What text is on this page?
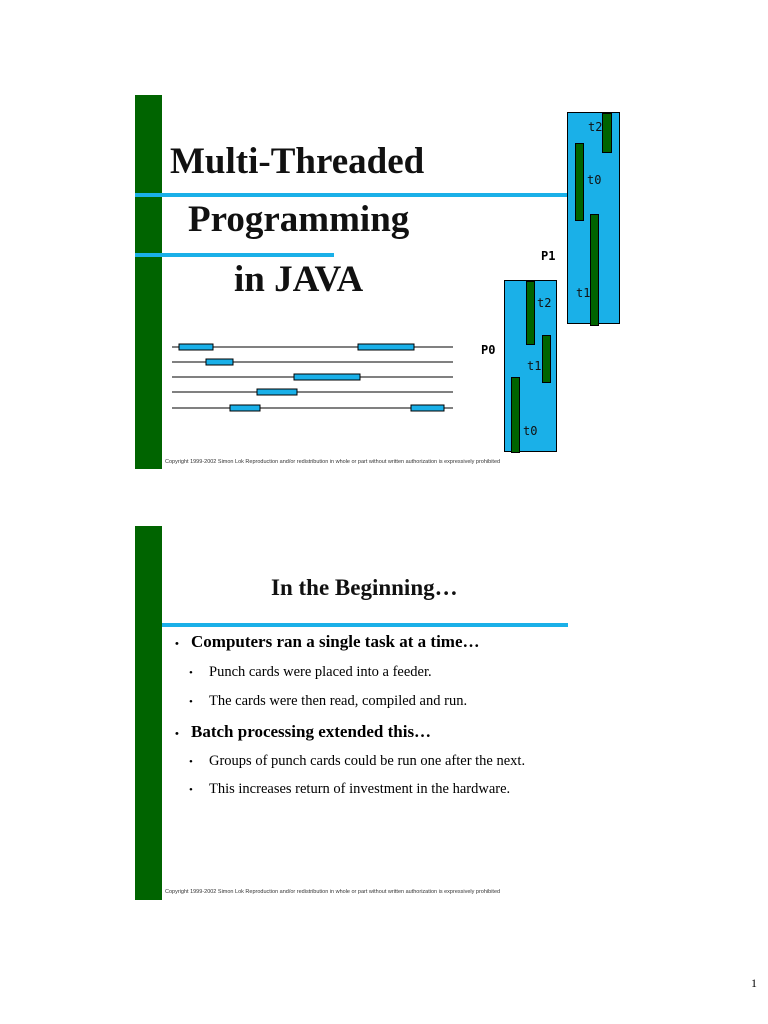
Multi-Threaded
Programming
in JAVA
P1
t2
t0
t1
P0
t2
t1
t0
Copyright 1999-2002 Simon Lok Reproduction and/or redistribution in whole or part without written authorization is expressively prohibited
In the Beginning…
• Computers ran a single task at a time…
•	Punch cards were placed into a feeder.
•	The cards were then read, compiled and run.
• Batch processing extended this…
•	Groups of punch cards could be run one after the next.
•	This increases return of investment in the hardware.
Copyright 1999-2002 Simon Lok Reproduction and/or redistribution in whole or part without written authorization is expressively prohibited
1
